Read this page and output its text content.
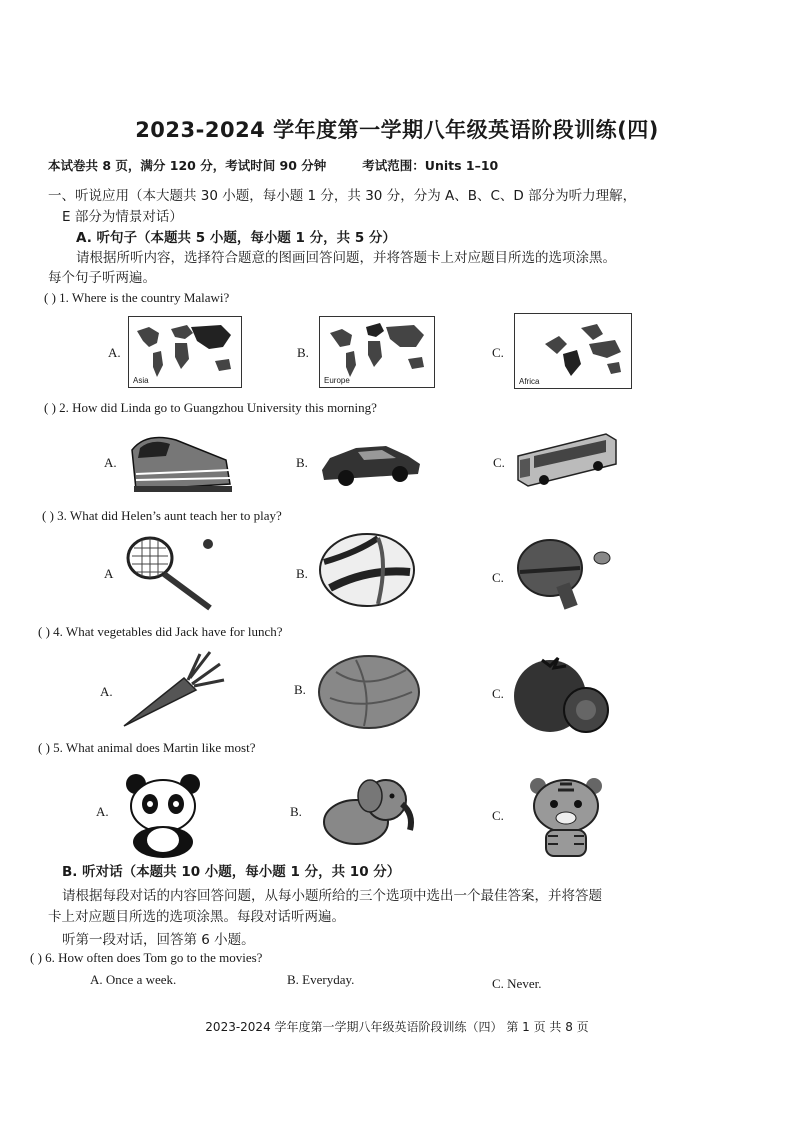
2023-2024 学年度第一学期八年级英语阶段训练(四)
本试卷共 8 页，满分 120 分，考试时间 90 分钟	考试范围：Units 1–10
一、听说应用（本大题共 30 小题，每小题 1 分，共 30 分，分为 A、B、C、D 部分为听力理解，
E 部分为情景对话）
A. 听句子（本题共 5 小题，每小题 1 分，共 5 分）
请根据所听内容，选择符合题意的图画回答问题，并将答题卡上对应题目所选的选项涂黑。
每个句子听两遍。
( ) 1. Where is the country Malawi?
A.
Asia
B.
Europe
C.
Africa
( ) 2. How did Linda go to Guangzhou University this morning?
A.	B.	C.
( ) 3. What did Helen’s aunt teach her to play?
A	B.	C.
( ) 4. What vegetables did Jack have for lunch?
A.	B.	C.
( ) 5. What animal does Martin like most?
A.	B.	C.
B. 听对话（本题共 10 小题，每小题 1 分，共 10 分）
请根据每段对话的内容回答问题，从每小题所给的三个选项中选出一个最佳答案，并将答题
卡上对应题目所选的选项涂黑。每段对话听两遍。
听第一段对话，回答第 6 小题。
( ) 6. How often does Tom go to the movies?
A. Once a week.	B. Everyday.	C. Never.
2023-2024 学年度第一学期八年级英语阶段训练（四） 第 1 页 共 8 页
